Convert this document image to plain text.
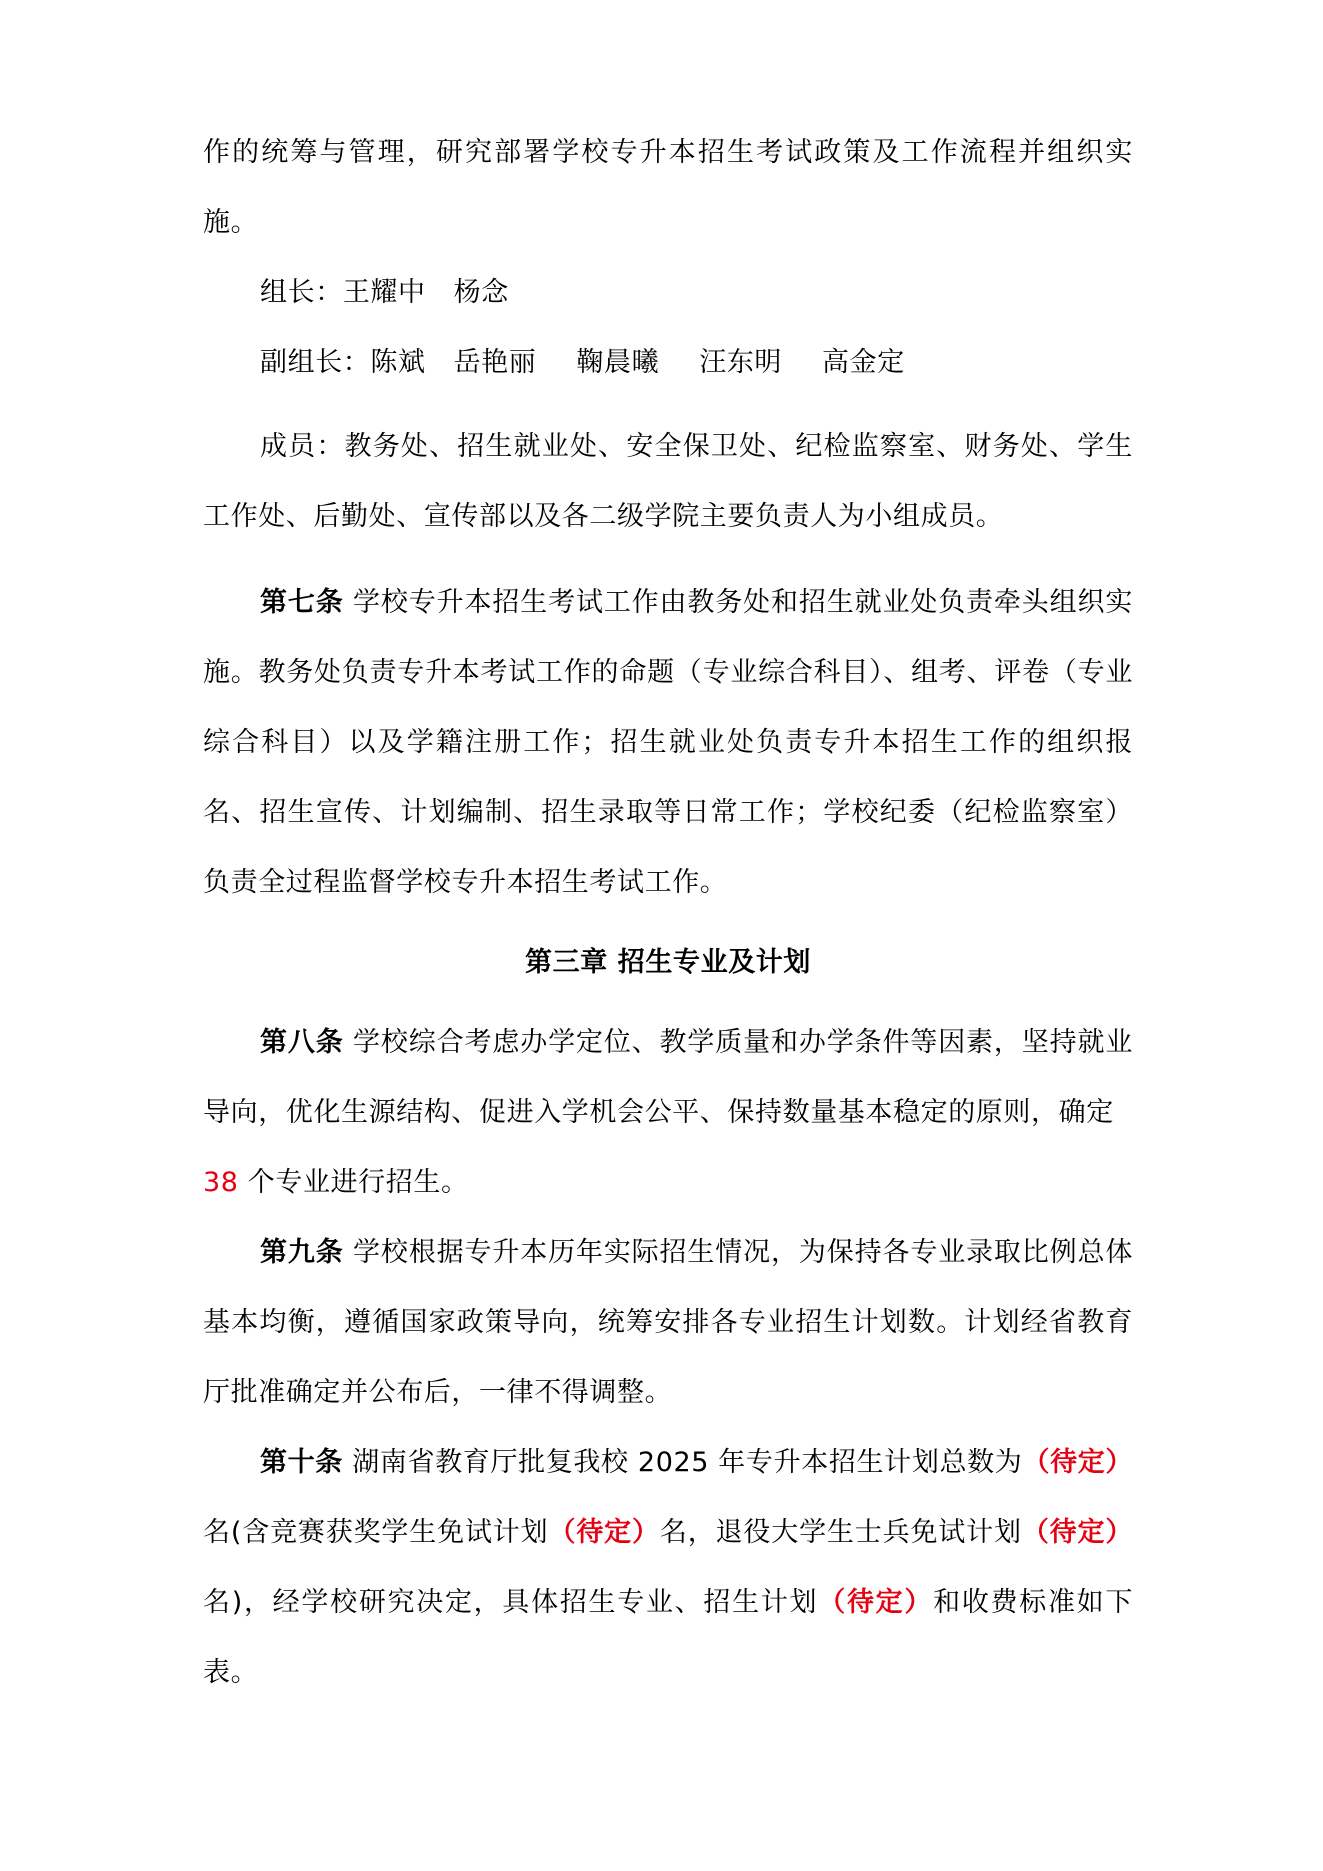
作的统筹与管理，研究部署学校专升本招生考试政策及工作流程并组织实施。

组长：王耀中 杨念

副组长：陈斌 岳艳丽 鞠晨曦 汪东明 高金定

成员：教务处、招生就业处、安全保卫处、纪检监察室、财务处、学生工作处、后勤处、宣传部以及各二级学院主要负责人为小组成员。

第七条 学校专升本招生考试工作由教务处和招生就业处负责牵头组织实施。教务处负责专升本考试工作的命题（专业综合科目）、组考、评卷（专业综合科目）以及学籍注册工作；招生就业处负责专升本招生工作的组织报名、招生宣传、计划编制、招生录取等日常工作；学校纪委（纪检监察室）负责全过程监督学校专升本招生考试工作。

第三章 招生专业及计划

第八条 学校综合考虑办学定位、教学质量和办学条件等因素，坚持就业导向，优化生源结构、促进入学机会公平、保持数量基本稳定的原则，确定
38 个专业进行招生。

第九条 学校根据专升本历年实际招生情况，为保持各专业录取比例总体基本均衡，遵循国家政策导向，统筹安排各专业招生计划数。计划经省教育厅批准确定并公布后，一律不得调整。

第十条 湖南省教育厅批复我校 2025 年专升本招生计划总数为（待定）名(含竞赛获奖学生免试计划（待定）名，退役大学生士兵免试计划（待定）名)，经学校研究决定，具体招生专业、招生计划（待定）和收费标准如下表。
